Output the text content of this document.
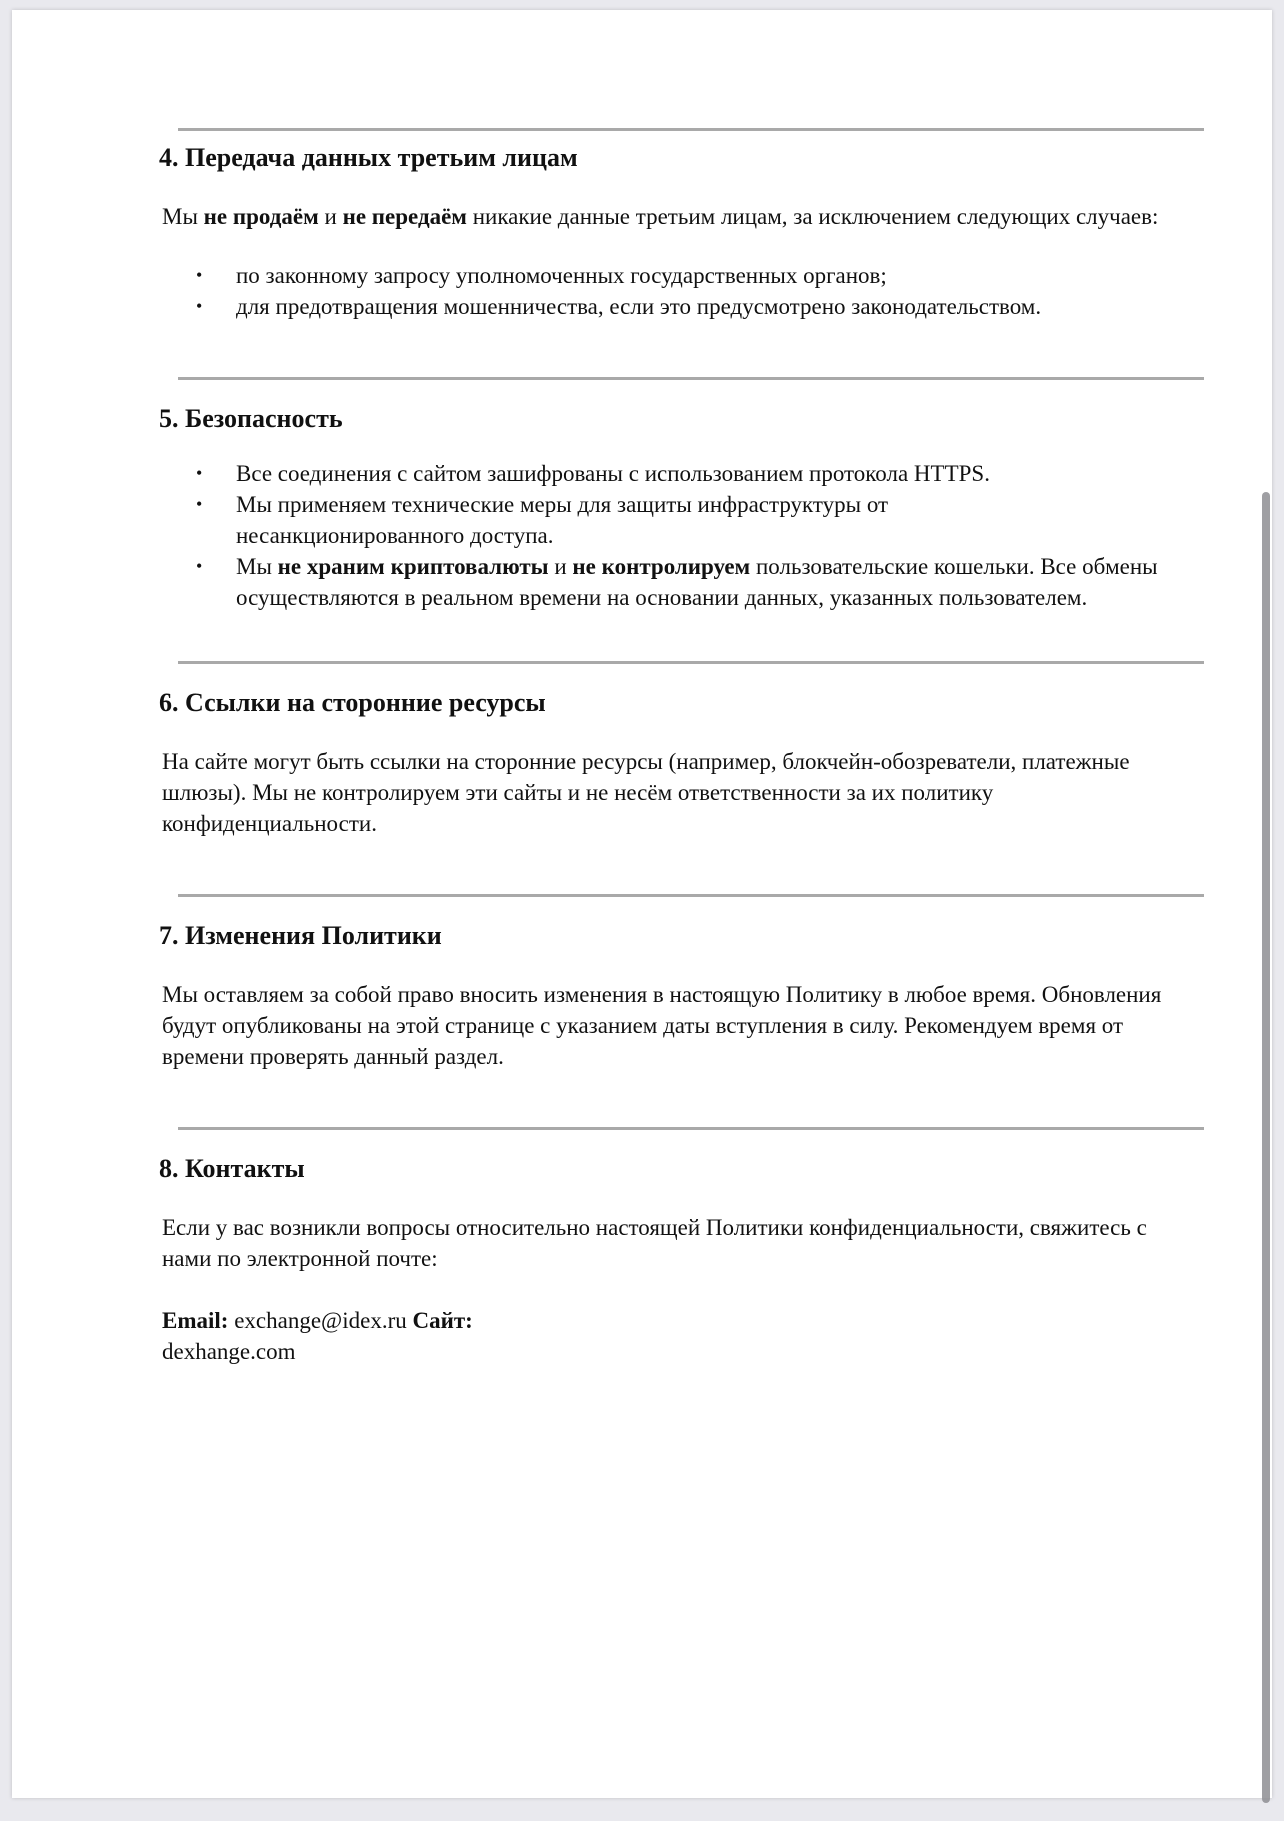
4. Передача данных третьим лицам

Мы не продаём и не передаём никакие данные третьим лицам, за исключением следующих случаев:

• по законному запросу уполномоченных государственных органов;
• для предотвращения мошенничества, если это предусмотрено законодательством.
5. Безопасность
• Все соединения с сайтом зашифрованы с использованием протокола HTTPS.
• Мы применяем технические меры для защиты инфраструктуры от несанкционированного доступа.
• Мы не храним криптовалюты и не контролируем пользовательские кошельки. Все обмены осуществляются в реальном времени на основании данных, указанных пользователем.
6. Ссылки на сторонние ресурсы

На сайте могут быть ссылки на сторонние ресурсы (например, блокчейн-обозреватели, платежные шлюзы). Мы не контролируем эти сайты и не несём ответственности за их политику конфиденциальности.

7. Изменения Политики

Мы оставляем за собой право вносить изменения в настоящую Политику в любое время. Обновления будут опубликованы на этой странице с указанием даты вступления в силу. Рекомендуем время от времени проверять данный раздел.

8. Контакты

Если у вас возникли вопросы относительно настоящей Политики конфиденциальности, свяжитесь с нами по электронной почте:

Email: exchange@idex.ru Сайт:
dexhange.com
